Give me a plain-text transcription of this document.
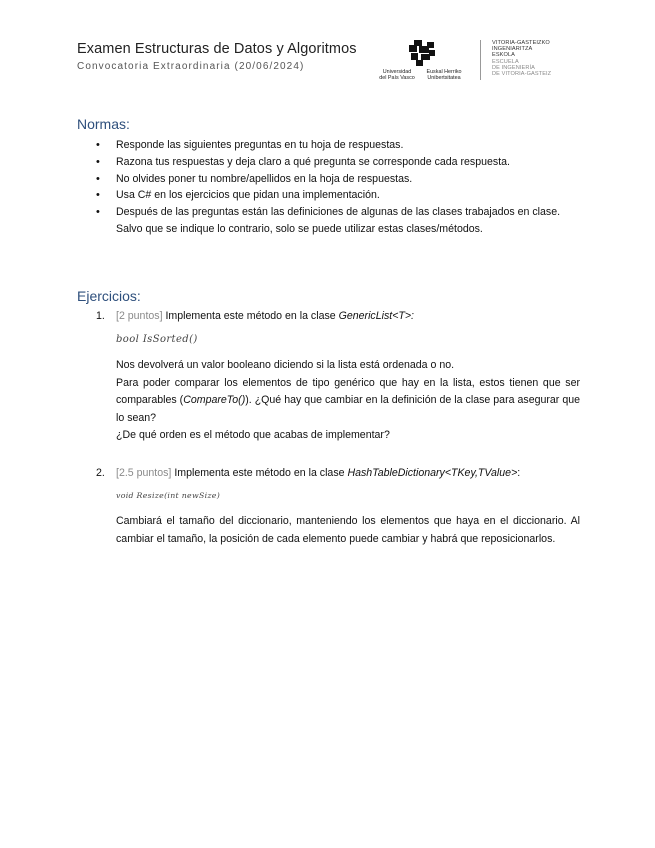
Examen Estructuras de Datos y Algoritmos
Convocatoria Extraordinaria (20/06/2024)	Universidad
del País Vasco
Euskal Herriko
Unibertsitatea
VITORIA-GASTEIZKO
INGENIARITZA
ESKOLA
ESCUELA
DE INGENIERÍA
DE VITORIA-GASTEIZ
Normas:
• Responde las siguientes preguntas en tu hoja de respuestas.
• Razona tus respuestas y deja claro a qué pregunta se corresponde cada respuesta.
• No olvides poner tu nombre/apellidos en la hoja de respuestas.
• Usa C# en los ejercicios que pidan una implementación.
• Después de las preguntas están las definiciones de algunas de las clases trabajados en clase. Salvo que se indique lo contrario, solo se puede utilizar estas clases/métodos.
Ejercicios:
1. [2 puntos] Implementa este método en la clase GenericList<T>:
bool IsSorted()

Nos devolverá un valor booleano diciendo si la lista está ordenada o no.

Para poder comparar los elementos de tipo genérico que hay en la lista, estos tienen que ser comparables (CompareTo()). ¿Qué hay que cambiar en la definición de la clase para asegurar que lo sean?

¿De qué orden es el método que acabas de implementar?

2. [2.5 puntos] Implementa este método en la clase HashTableDictionary<TKey,TValue>:
void Resize(int newSize)

Cambiará el tamaño del diccionario, manteniendo los elementos que haya en el diccionario. Al cambiar el tamaño, la posición de cada elemento puede cambiar y habrá que reposicionarlos.
